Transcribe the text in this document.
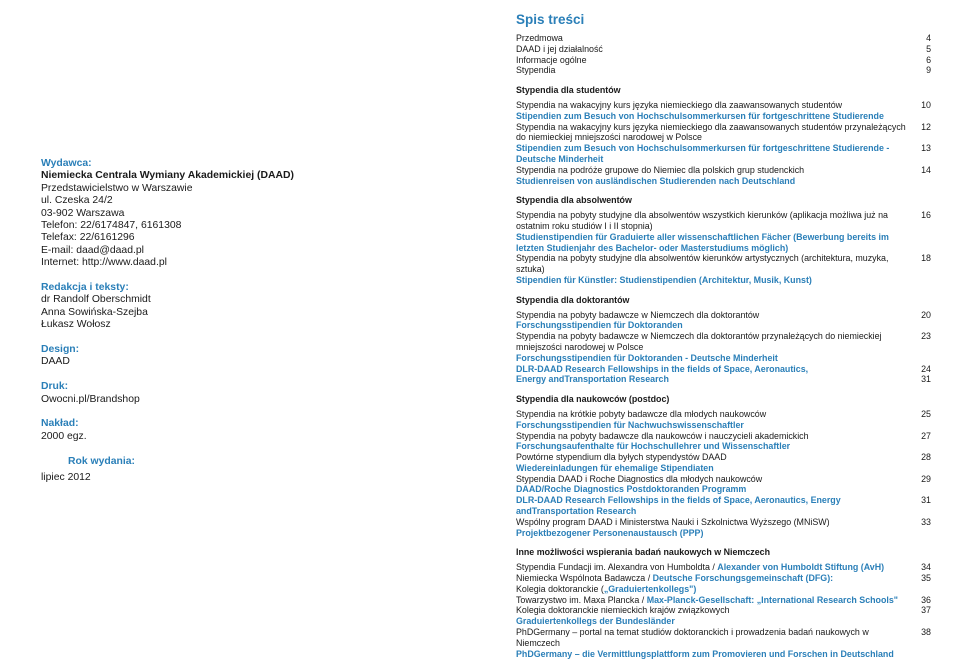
Wydawca:
Niemiecka Centrala Wymiany Akademickiej (DAAD)
Przedstawicielstwo w Warszawie
ul. Czeska 24/2
03-902 Warszawa
Telefon: 22/6174847, 6161308
Telefax: 22/6161296
E-mail: daad@daad.pl
Internet: http://www.daad.pl
Redakcja i teksty:
dr Randolf Oberschmidt
Anna Sowińska-Szejba
Łukasz Wołosz
Design:
DAAD
Druk:
Owocni.pl/Brandshop
Nakład:
2000 egz.
Rok wydania:
lipiec 2012
Spis treści
Przedmowa	4
DAAD i jej działalność	5
Informacje ogólne	6
Stypendia	9
Stypendia dla studentów
Stypendia na wakacyjny kurs języka niemieckiego dla zaawansowanych studentów
Stipendien zum Besuch von Hochschulsommerkursen für fortgeschrittene Studierende
10
Stypendia na wakacyjny kurs języka niemieckiego dla zaawansowanych studentów przynależących do niemieckiej mniejszości narodowej w Polsce
12
Stipendien zum Besuch von Hochschulsommerkursen für fortgeschrittene Studierende - Deutsche Minderheit
13
Stypendia na podróże grupowe do Niemiec dla polskich grup studenckich
Studienreisen von ausländischen Studierenden nach Deutschland
14
Stypendia dla absolwentów
Stypendia na pobyty studyjne dla absolwentów wszystkich kierunków (aplikacja możliwa już na ostatnim roku studiów I i II stopnia)
Studienstipendien für Graduierte aller wissenschaftlichen Fächer (Bewerbung bereits im letzten Studienjahr des Bachelor- oder Masterstudiums möglich)
16
Stypendia na pobyty studyjne dla absolwentów kierunków artystycznych (architektura, muzyka, sztuka)
Stipendien für Künstler: Studienstipendien (Architektur, Musik, Kunst)
18
Stypendia dla doktorantów
Stypendia na pobyty badawcze w Niemczech dla doktorantów
Forschungsstipendien für Doktoranden
20
Stypendia na pobyty badawcze w Niemczech dla doktorantów przynależących do niemieckiej mniejszości narodowej w Polsce
Forschungsstipendien für Doktoranden - Deutsche Minderheit
23
DLR-DAAD Research Fellowships in the fields of Space, Aeronautics,	24
Energy andTransportation Research	31
Stypendia dla naukowców (postdoc)
Stypendia na krótkie pobyty badawcze dla młodych naukowców
Forschungsstipendien für Nachwuchswissenschaftler
25
Stypendia na pobyty badawcze dla naukowców i nauczycieli akademickich
Forschungsaufenthalte für Hochschullehrer und Wissenschaftler
27
Powtórne stypendium dla byłych stypendystów DAAD
Wiedereinladungen für ehemalige Stipendiaten
28
Stypendia DAAD i Roche Diagnostics dla młodych naukowców
DAAD/Roche Diagnostics Postdoktoranden Programm
29
DLR-DAAD Research Fellowships in the fields of Space, Aeronautics, Energy andTransportation Research
31
Wspólny program DAAD i Ministerstwa Nauki i Szkolnictwa Wyższego (MNiSW)
Projektbezogener Personenaustausch (PPP)
33
Inne możliwości wspierania badań naukowych w Niemczech
Stypendia Fundacji im. Alexandra von Humboldta / Alexander von Humboldt Stiftung (AvH)	34
Niemiecka Wspólnota Badawcza / Deutsche Forschungsgemeinschaft (DFG):
Kolegia doktoranckie („Graduiertenkollegs")
35
Towarzystwo im. Maxa Plancka / Max-Planck-Gesellschaft: „International Research Schools"	36
Kolegia doktoranckie niemieckich krajów związkowych
Graduiertenkollegs der Bundesländer
37
PhDGermany – portal na temat studiów doktoranckich i prowadzenia badań naukowych w Niemczech
PhDGermany – die Vermittlungsplattform zum Promovieren und Forschen in Deutschland
38
